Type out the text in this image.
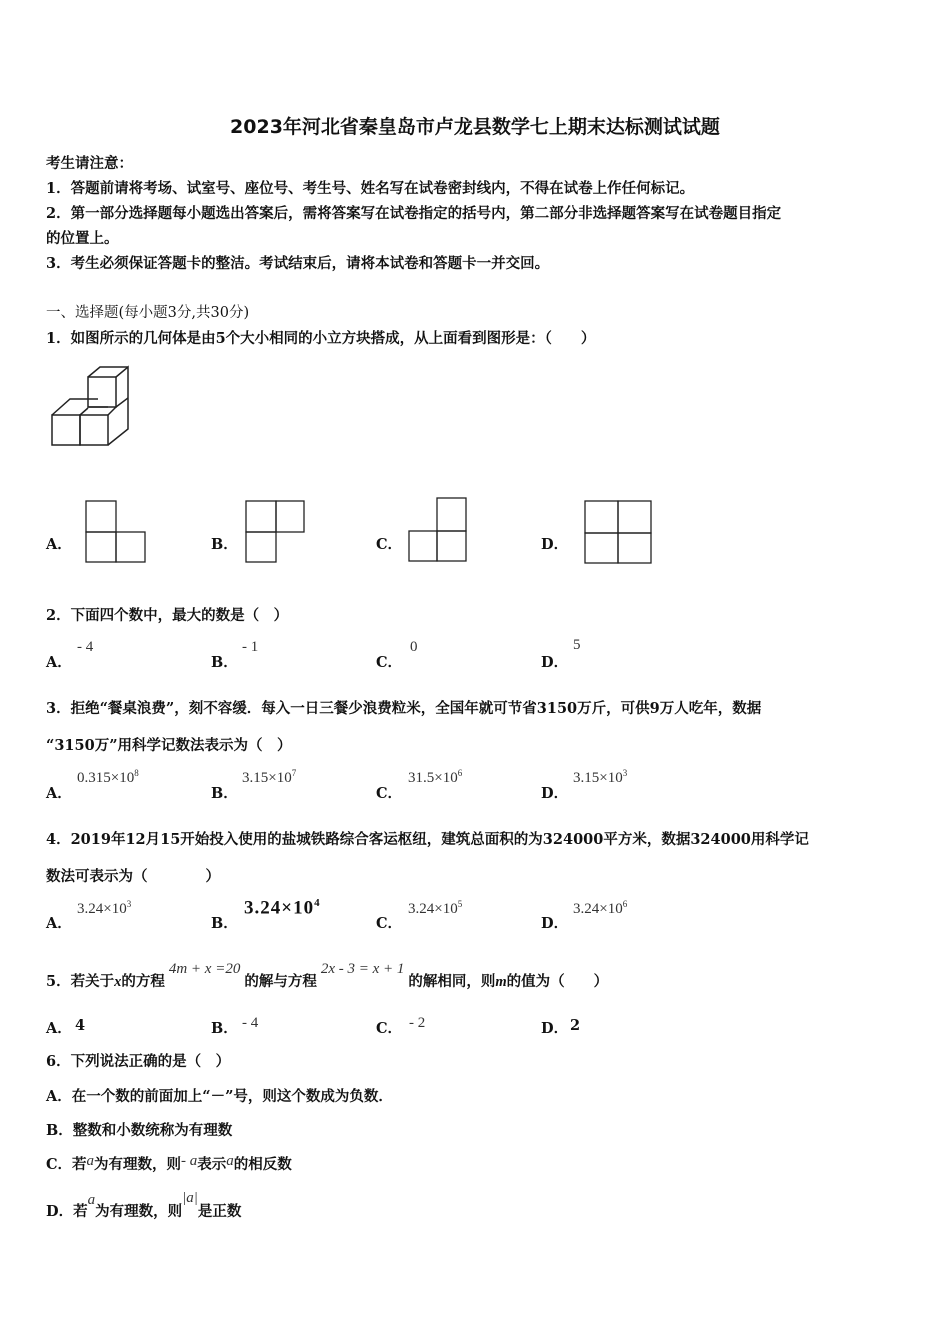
2023年河北省秦皇岛市卢龙县数学七上期末达标测试试题
考生请注意：
1．答题前请将考场、试室号、座位号、考生号、姓名写在试卷密封线内，不得在试卷上作任何标记。
2．第一部分选择题每小题选出答案后，需将答案写在试卷指定的括号内，第二部分非选择题答案写在试卷题目指定
的位置上。
3．考生必须保证答题卡的整洁。考试结束后，请将本试卷和答题卡一并交回。
一、选择题(每小题3分,共30分)
1．如图所示的几何体是由5个大小相同的小立方块搭成，从上面看到图形是：（　　）
A．	B．	C．	D．
2．下面四个数中，最大的数是（　）
A．
- 4
B．
- 1
C．
0
D．
5
3．拒绝“餐桌浪费”，刻不容缓．每入一日三餐少浪费粒米，全国年就可节省3150万斤，可供9万人吃年，数据
“3150万”用科学记数法表示为（　）
A．
$0.315\times 10^8$
B．
$3.15\times 10^7$
C．
$31.5\times 10^6$
D．
$3.15\times 10^3$
4．2019年12月15开始投入使用的盐城铁路综合客运枢纽，建筑总面积的为324000平方米，数据324000用科学记
数法可表示为（　　　　）
A．
$3.24\times 10^3$
B．
$3.24\times 10^4$
C．
$3.24\times 10^5$
D．
$3.24\times 10^6$
5．若关于x的方程4m + x =20的解与方程2x - 3 = x + 1的解相同，则m的值为（　　）
A． 4	B． - 4	C． - 2	D． 2
6．下列说法正确的是（　）
A．在一个数的前面加上“－”号，则这个数成为负数．
B．整数和小数统称为有理数
C．若a为有理数，则- a表示a的相反数
D．若a为有理数，则|a|是正数
